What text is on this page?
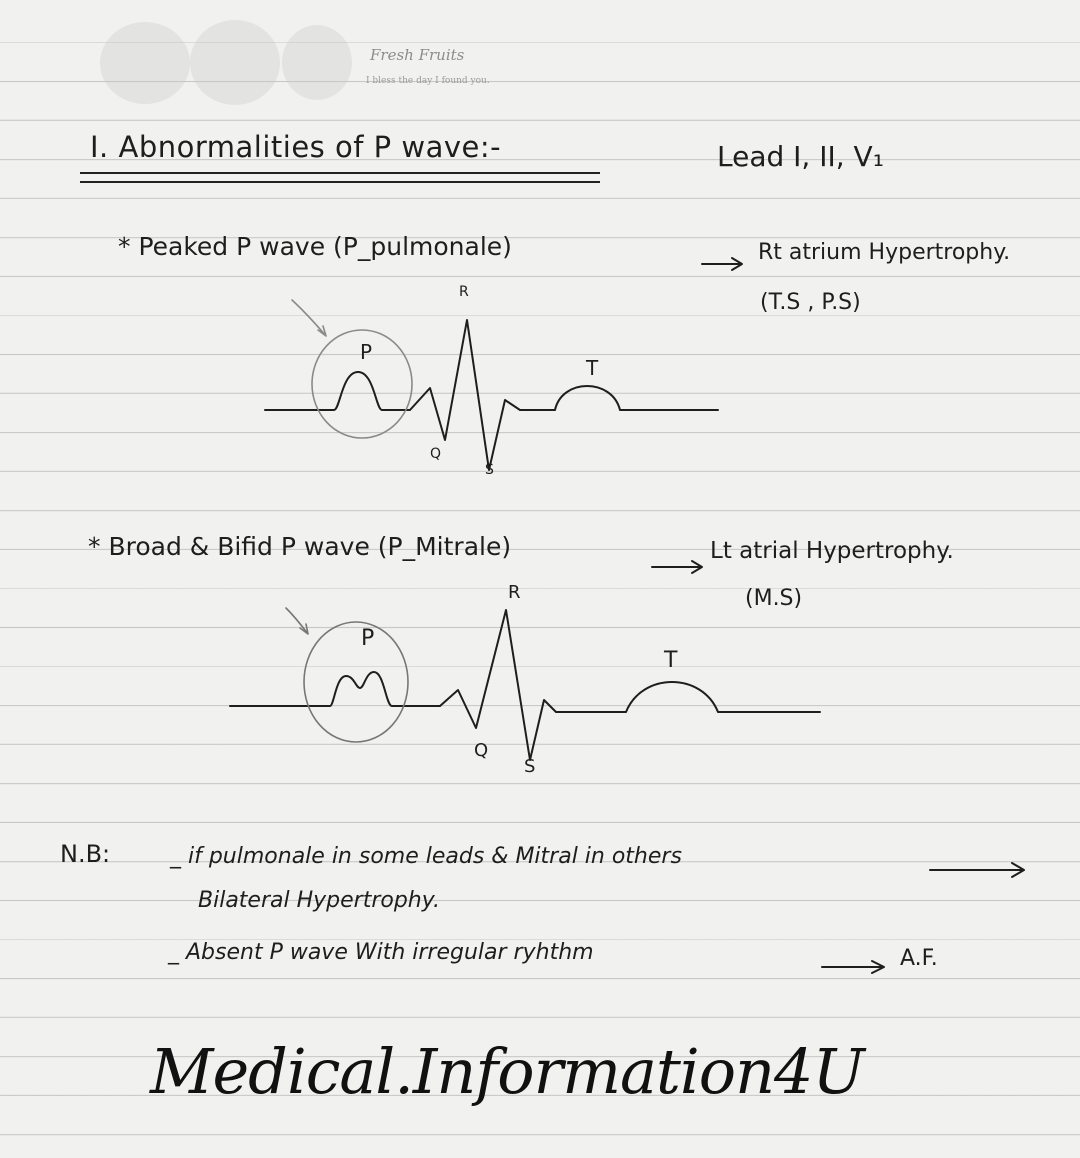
Fresh Fruits
I bless the day I found you.
I. Abnormalities of P wave:-	Lead I, II, V₁
* Peaked P wave (P_pulmonale)	Rt atrium Hypertrophy.
(T.S , P.S)
* Broad & Bifid P wave (P_Mitrale)	Lt atrial Hypertrophy.
(M.S)
R
P
T
Q
S
R
P
T
Q
S
N.B:	_ if pulmonale in some leads & Mitral in others
Bilateral Hypertrophy.
_ Absent P wave With irregular ryhthm	A.F.
Medical.Information4U
